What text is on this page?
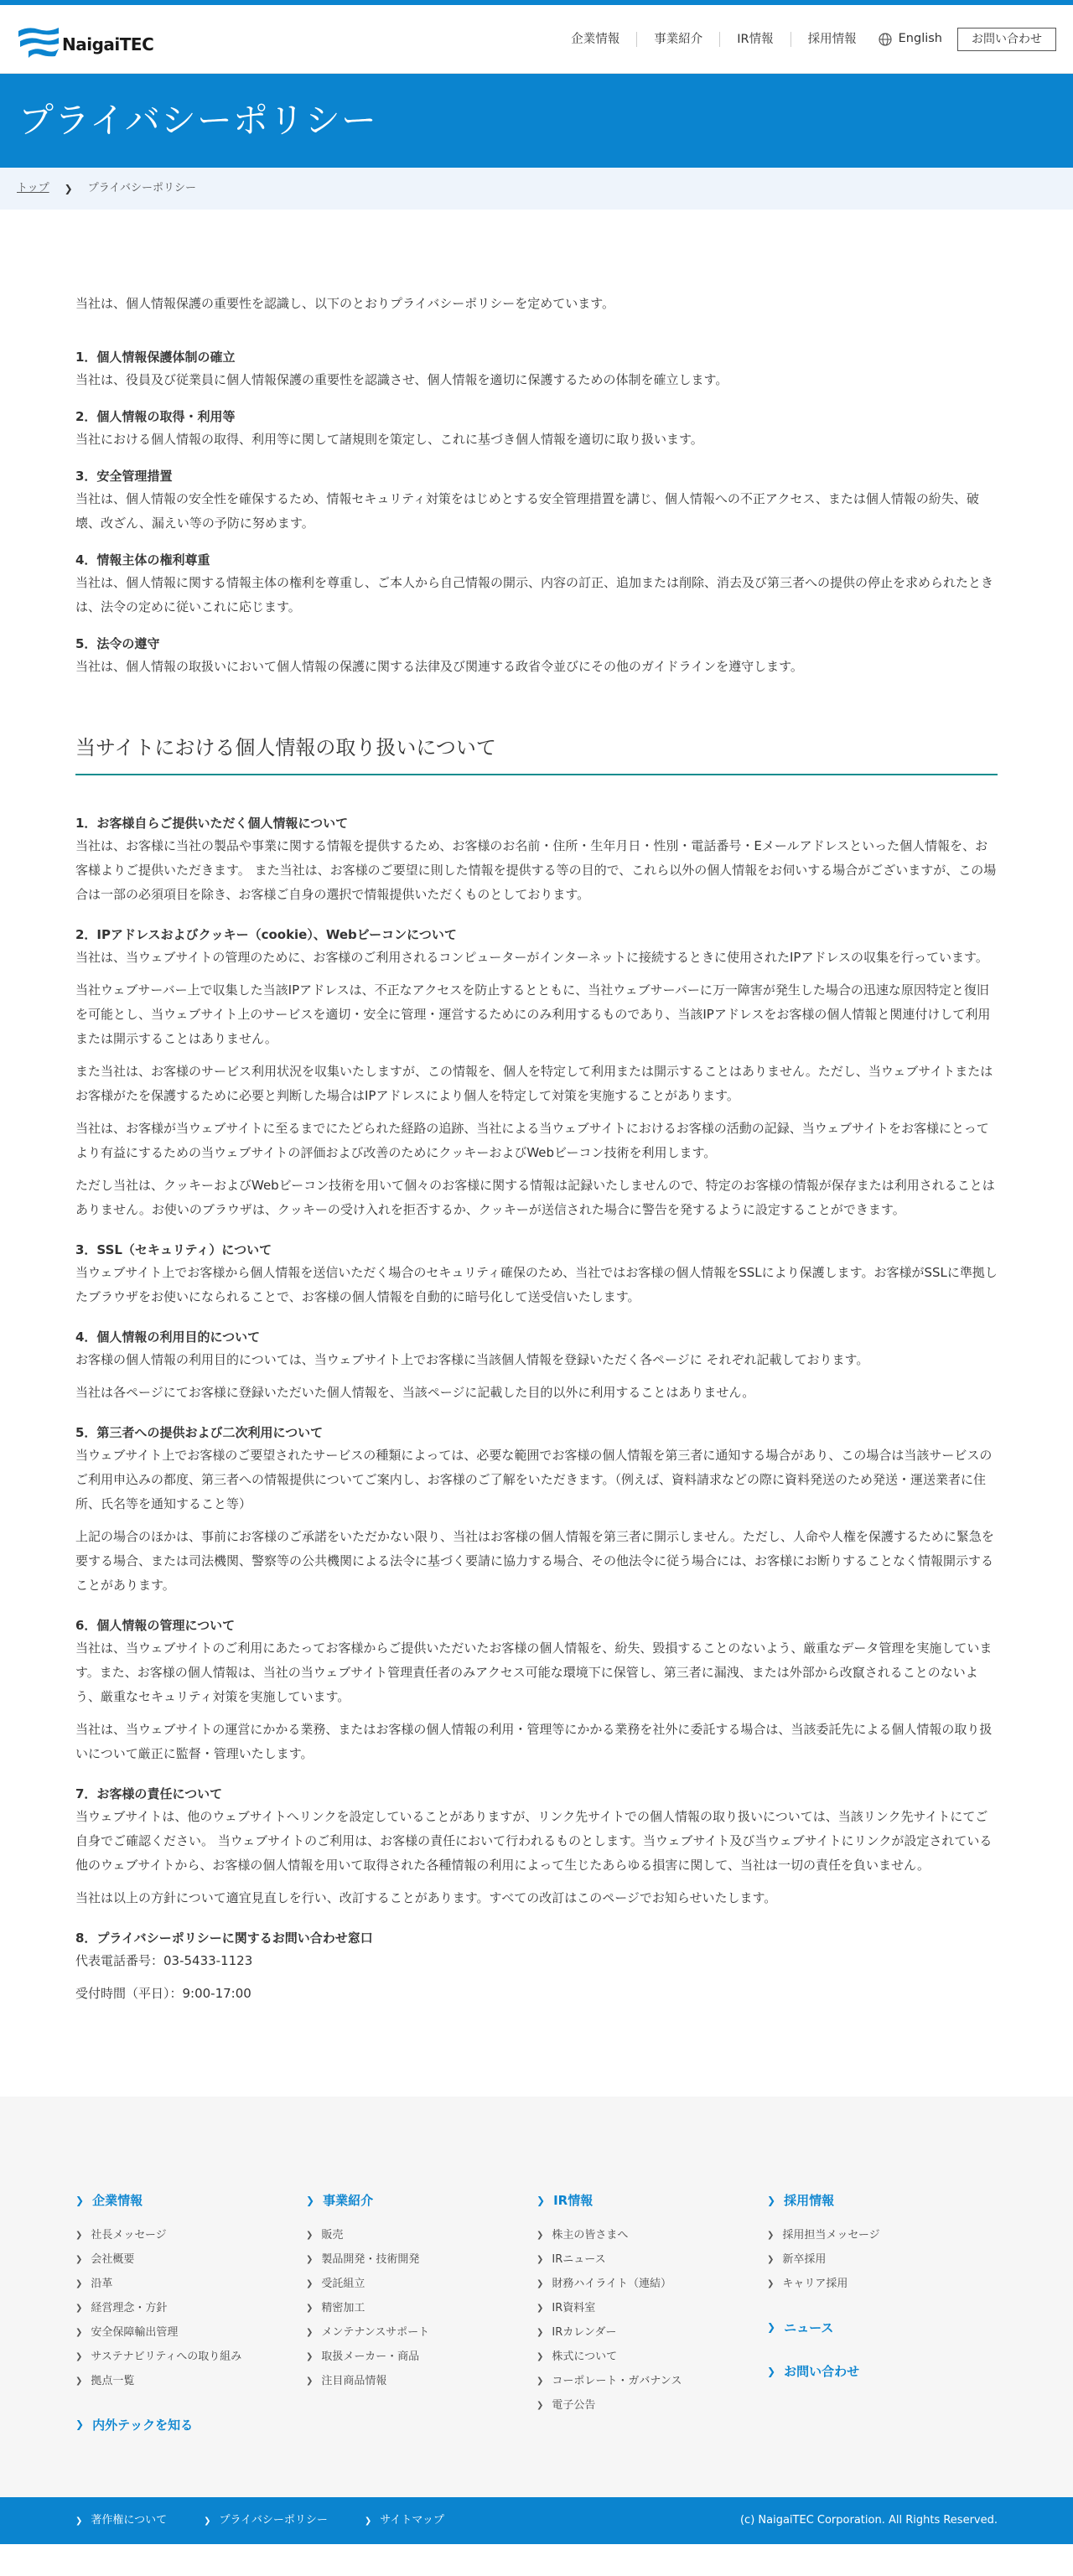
NaigaiTEC	企業情報	事業紹介	IR情報	採用情報	English	お問い合わせ
プライバシーポリシー
トップ ❯ プライバシーポリシー

当社は、個人情報保護の重要性を認識し、以下のとおりプライバシーポリシーを定めています。

1．個人情報保護体制の確立

当社は、役員及び従業員に個人情報保護の重要性を認識させ、個人情報を適切に保護するための体制を確立します。

2．個人情報の取得・利用等

当社における個人情報の取得、利用等に関して諸規則を策定し、これに基づき個人情報を適切に取り扱います。

3．安全管理措置

当社は、個人情報の安全性を確保するため、情報セキュリティ対策をはじめとする安全管理措置を講じ、個人情報への不正アクセス、または個人情報の紛失、破壊、改ざん、漏えい等の予防に努めます。

4．情報主体の権利尊重

当社は、個人情報に関する情報主体の権利を尊重し、ご本人から自己情報の開示、内容の訂正、追加または削除、消去及び第三者への提供の停止を求められたときは、法令の定めに従いこれに応じます。

5．法令の遵守

当社は、個人情報の取扱いにおいて個人情報の保護に関する法律及び関連する政省令並びにその他のガイドラインを遵守します。

当サイトにおける個人情報の取り扱いについて
1．お客様自らご提供いただく個人情報について

当社は、お客様に当社の製品や事業に関する情報を提供するため、お客様のお名前・住所・生年月日・性別・電話番号・Eメールアドレスといった個人情報を、お客様よりご提供いただきます。 また当社は、お客様のご要望に則した情報を提供する等の目的で、これら以外の個人情報をお伺いする場合がございますが、この場合は一部の必須項目を除き、お客様ご自身の選択で情報提供いただくものとしております。

2．IPアドレスおよびクッキー（cookie）、Webビーコンについて

当社は、当ウェブサイトの管理のために、お客様のご利用されるコンピューターがインターネットに接続するときに使用されたIPアドレスの収集を行っています。

当社ウェブサーバー上で収集した当該IPアドレスは、不正なアクセスを防止するとともに、当社ウェブサーバーに万一障害が発生した場合の迅速な原因特定と復旧を可能とし、当ウェブサイト上のサービスを適切・安全に管理・運営するためにのみ利用するものであり、当該IPアドレスをお客様の個人情報と関連付けして利用または開示することはありません。

また当社は、お客様のサービス利用状況を収集いたしますが、この情報を、個人を特定して利用または開示することはありません。ただし、当ウェブサイトまたはお客様がたを保護するために必要と判断した場合はIPアドレスにより個人を特定して対策を実施することがあります。

当社は、お客様が当ウェブサイトに至るまでにたどられた経路の追跡、当社による当ウェブサイトにおけるお客様の活動の記録、当ウェブサイトをお客様にとってより有益にするための当ウェブサイトの評価および改善のためにクッキーおよびWebビーコン技術を利用します。

ただし当社は、クッキーおよびWebビーコン技術を用いて個々のお客様に関する情報は記録いたしませんので、特定のお客様の情報が保存または利用されることはありません。お使いのブラウザは、クッキーの受け入れを拒否するか、クッキーが送信された場合に警告を発するように設定することができます。

3．SSL（セキュリティ）について

当ウェブサイト上でお客様から個人情報を送信いただく場合のセキュリティ確保のため、当社ではお客様の個人情報をSSLにより保護します。お客様がSSLに準拠したブラウザをお使いになられることで、お客様の個人情報を自動的に暗号化して送受信いたします。

4．個人情報の利用目的について

お客様の個人情報の利用目的については、当ウェブサイト上でお客様に当該個人情報を登録いただく各ページに それぞれ記載しております。

当社は各ページにてお客様に登録いただいた個人情報を、当該ページに記載した目的以外に利用することはありません。

5．第三者への提供および二次利用について

当ウェブサイト上でお客様のご要望されたサービスの種類によっては、必要な範囲でお客様の個人情報を第三者に通知する場合があり、この場合は当該サービスのご利用申込みの都度、第三者への情報提供についてご案内し、お客様のご了解をいただきます。（例えば、資料請求などの際に資料発送のため発送・運送業者に住所、氏名等を通知すること等）

上記の場合のほかは、事前にお客様のご承諾をいただかない限り、当社はお客様の個人情報を第三者に開示しません。ただし、人命や人権を保護するために緊急を要する場合、または司法機関、警察等の公共機関による法令に基づく要請に協力する場合、その他法令に従う場合には、お客様にお断りすることなく情報開示することがあります。

6．個人情報の管理について

当社は、当ウェブサイトのご利用にあたってお客様からご提供いただいたお客様の個人情報を、紛失、毀損することのないよう、厳重なデータ管理を実施しています。また、お客様の個人情報は、当社の当ウェブサイト管理責任者のみアクセス可能な環境下に保管し、第三者に漏洩、または外部から改竄されることのないよう、厳重なセキュリティ対策を実施しています。

当社は、当ウェブサイトの運営にかかる業務、またはお客様の個人情報の利用・管理等にかかる業務を社外に委託する場合は、当該委託先による個人情報の取り扱いについて厳正に監督・管理いたします。

7．お客様の責任について

当ウェブサイトは、他のウェブサイトへリンクを設定していることがありますが、リンク先サイトでの個人情報の取り扱いについては、当該リンク先サイトにてご自身でご確認ください。 当ウェブサイトのご利用は、お客様の責任において行われるものとします。当ウェブサイト及び当ウェブサイトにリンクが設定されている他のウェブサイトから、お客様の個人情報を用いて取得された各種情報の利用によって生じたあらゆる損害に関して、当社は一切の責任を負いません。

当社は以上の方針について適宜見直しを行い、改訂することがあります。すべての改訂はこのページでお知らせいたします。

8．プライバシーポリシーに関するお問い合わせ窓口

代表電話番号：03-5433-1123

受付時間（平日）：9:00-17:00

❯ 企業情報
❯ 社長メッセージ
❯ 会社概要
❯ 沿革
❯ 経営理念・方針
❯ 安全保障輸出管理
❯ サステナビリティへの取り組み
❯ 拠点一覧
❯ 内外テックを知る
❯ 事業紹介
❯ 販売
❯ 製品開発・技術開発
❯ 受託組立
❯ 精密加工
❯ メンテナンスサポート
❯ 取扱メーカー・商品
❯ 注目商品情報
❯ IR情報
❯ 株主の皆さまへ
❯ IRニュース
❯ 財務ハイライト（連結）
❯ IR資料室
❯ IRカレンダー
❯ 株式について
❯ コーポレート・ガバナンス
❯ 電子公告
❯ 採用情報
❯ 採用担当メッセージ
❯ 新卒採用
❯ キャリア採用
❯ ニュース
❯ お問い合わせ
❯ 著作権について	❯ プライバシーポリシー	❯ サイトマップ	(c) NaigaiTEC Corporation. All Rights Reserved.
